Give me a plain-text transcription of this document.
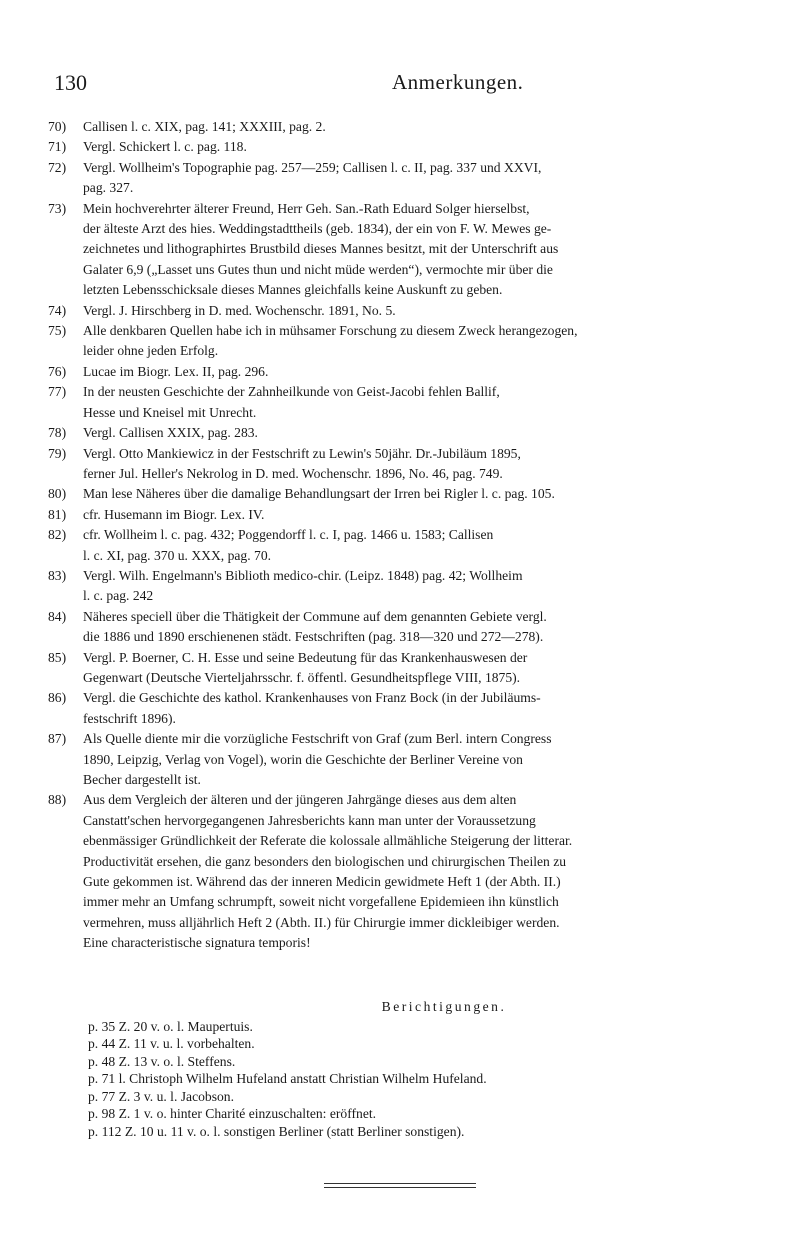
130	Anmerkungen.
70) Callisen l. c. XIX, pag. 141; XXXIII, pag. 2.
71) Vergl. Schickert l. c. pag. 118.
72) Vergl. Wollheim's Topographie pag. 257—259; Callisen l. c. II, pag. 337 und XXVI,
pag. 327.
73) Mein hochverehrter älterer Freund, Herr Geh. San.-Rath Eduard Solger hierselbst,
der älteste Arzt des hies. Weddingstadttheils (geb. 1834), der ein von F. W. Mewes ge-
zeichnetes und lithographirtes Brustbild dieses Mannes besitzt, mit der Unterschrift aus
Galater 6,9 („Lasset uns Gutes thun und nicht müde werden“), vermochte mir über die
letzten Lebensschicksale dieses Mannes gleichfalls keine Auskunft zu geben.
74) Vergl. J. Hirschberg in D. med. Wochenschr. 1891, No. 5.
75) Alle denkbaren Quellen habe ich in mühsamer Forschung zu diesem Zweck herangezogen,
leider ohne jeden Erfolg.
76) Lucae im Biogr. Lex. II, pag. 296.
77) In der neusten Geschichte der Zahnheilkunde von Geist-Jacobi fehlen Ballif,
Hesse und Kneisel mit Unrecht.
78) Vergl. Callisen XXIX, pag. 283.
79) Vergl. Otto Mankiewicz in der Festschrift zu Lewin's 50jähr. Dr.-Jubiläum 1895,
ferner Jul. Heller's Nekrolog in D. med. Wochenschr. 1896, No. 46, pag. 749.
80) Man lese Näheres über die damalige Behandlungsart der Irren bei Rigler l. c. pag. 105.
81) cfr. Husemann im Biogr. Lex. IV.
82) cfr. Wollheim l. c. pag. 432; Poggendorff l. c. I, pag. 1466 u. 1583; Callisen
l. c. XI, pag. 370 u. XXX, pag. 70.
83) Vergl. Wilh. Engelmann's Biblioth medico-chir. (Leipz. 1848) pag. 42; Wollheim
l. c. pag. 242
84) Näheres speciell über die Thätigkeit der Commune auf dem genannten Gebiete vergl.
die 1886 und 1890 erschienenen städt. Festschriften (pag. 318—320 und 272—278).
85) Vergl. P. Boerner, C. H. Esse und seine Bedeutung für das Krankenhauswesen der
Gegenwart (Deutsche Vierteljahrsschr. f. öffentl. Gesundheitspflege VIII, 1875).
86) Vergl. die Geschichte des kathol. Krankenhauses von Franz Bock (in der Jubiläums-
festschrift 1896).
87) Als Quelle diente mir die vorzügliche Festschrift von Graf (zum Berl. intern Congress
1890, Leipzig, Verlag von Vogel), worin die Geschichte der Berliner Vereine von
Becher dargestellt ist.
88) Aus dem Vergleich der älteren und der jüngeren Jahrgänge dieses aus dem alten
Canstatt'schen hervorgegangenen Jahresberichts kann man unter der Voraussetzung
ebenmässiger Gründlichkeit der Referate die kolossale allmähliche Steigerung der litterar.
Productivität ersehen, die ganz besonders den biologischen und chirurgischen Theilen zu
Gute gekommen ist. Während das der inneren Medicin gewidmete Heft 1 (der Abth. II.)
immer mehr an Umfang schrumpft, soweit nicht vorgefallene Epidemieen ihn künstlich
vermehren, muss alljährlich Heft 2 (Abth. II.) für Chirurgie immer dickleibiger werden.
Eine characteristische signatura temporis!
Berichtigungen.
p. 35 Z. 20 v. o. l. Maupertuis.
p. 44 Z. 11 v. u. l. vorbehalten.
p. 48 Z. 13 v. o. l. Steffens.
p. 71 l. Christoph Wilhelm Hufeland anstatt Christian Wilhelm Hufeland.
p. 77 Z. 3 v. u. l. Jacobson.
p. 98 Z. 1 v. o. hinter Charité einzuschalten: eröffnet.
p. 112 Z. 10 u. 11 v. o. l. sonstigen Berliner (statt Berliner sonstigen).
